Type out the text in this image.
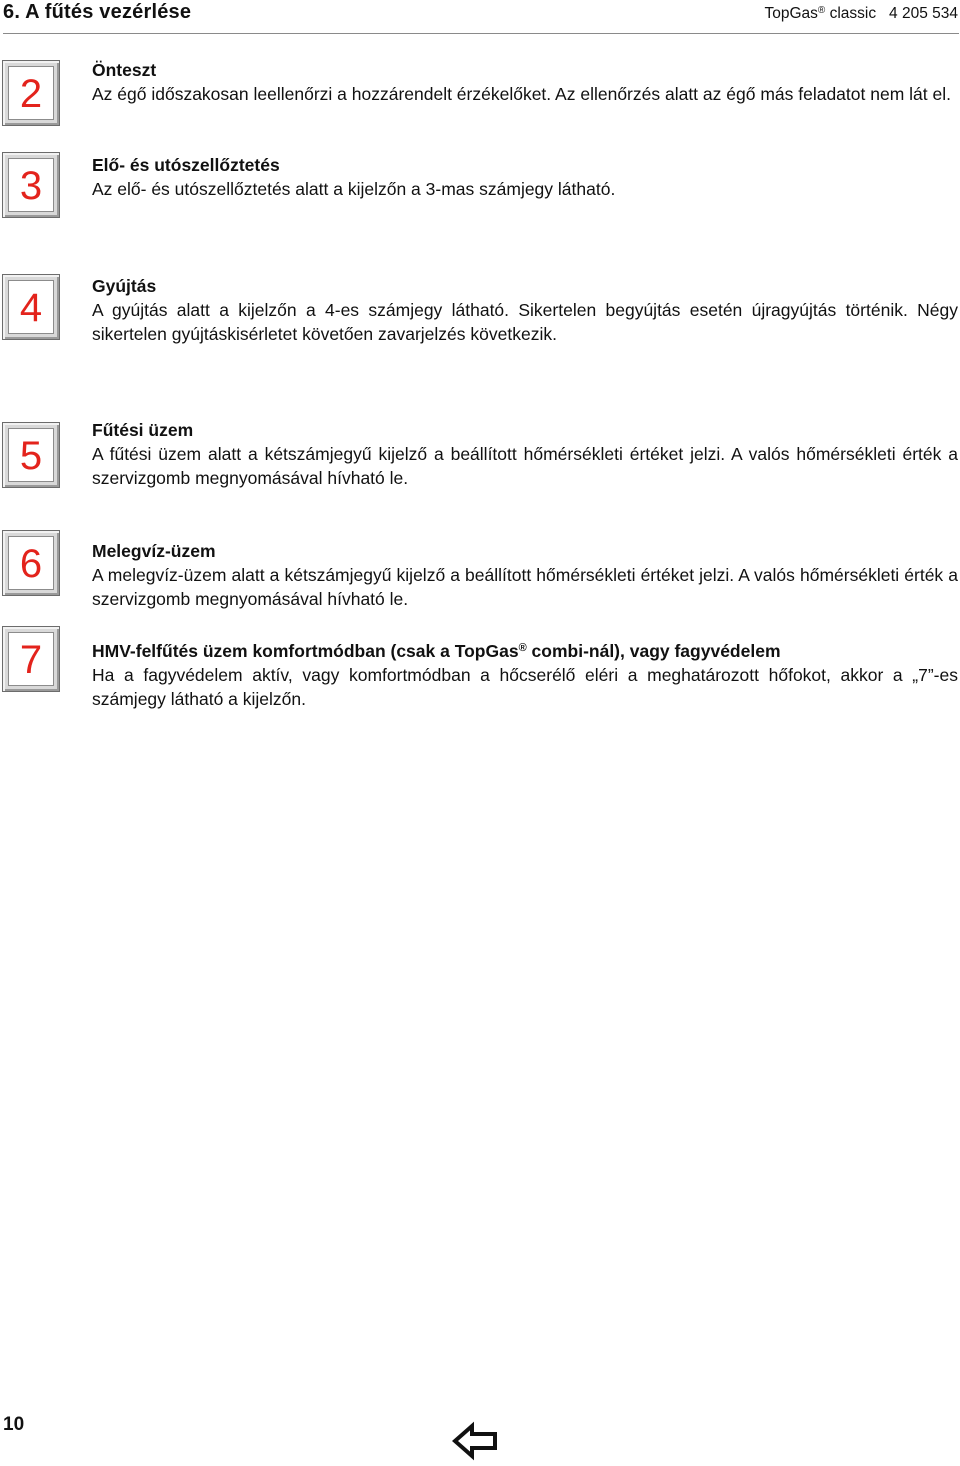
6. A fűtés vezérlése	TopGas® classic   4 205 534
2
Önteszt
Az égő időszakosan leellenőrzi a hozzárendelt érzékelőket. Az ellenőrzés alatt az égő más feladatot nem lát el.
3	Elő- és utószellőztetés
Az elő- és utószellőztetés alatt a kijelzőn a 3-mas számjegy látható.
4	Gyújtás
A gyújtás alatt a kijelzőn a 4-es számjegy látható. Sikertelen begyújtás esetén újragyújtás történik. Négy sikertelen gyújtáskisérletet követően zavarjelzés következik.
5
Fűtési üzem
A fűtési üzem alatt a kétszámjegyű kijelző a beállított hőmérsékleti értéket jelzi. A valós hőmérsékleti érték a szervizgomb megnyomásával hívható le.
6	Melegvíz-üzem
A melegvíz-üzem alatt a kétszámjegyű kijelző a beállított hőmérsékleti értéket jelzi. A valós hőmérsékleti érték a szervizgomb megnyomásával hívható le.
7	HMV-felfűtés üzem komfortmódban (csak a TopGas® combi-nál), vagy fagyvédelem
Ha a fagyvédelem aktív, vagy komfortmódban a hőcserélő eléri a meghatározott hőfokot, akkor a „7”-es számjegy látható a kijelzőn.
10
